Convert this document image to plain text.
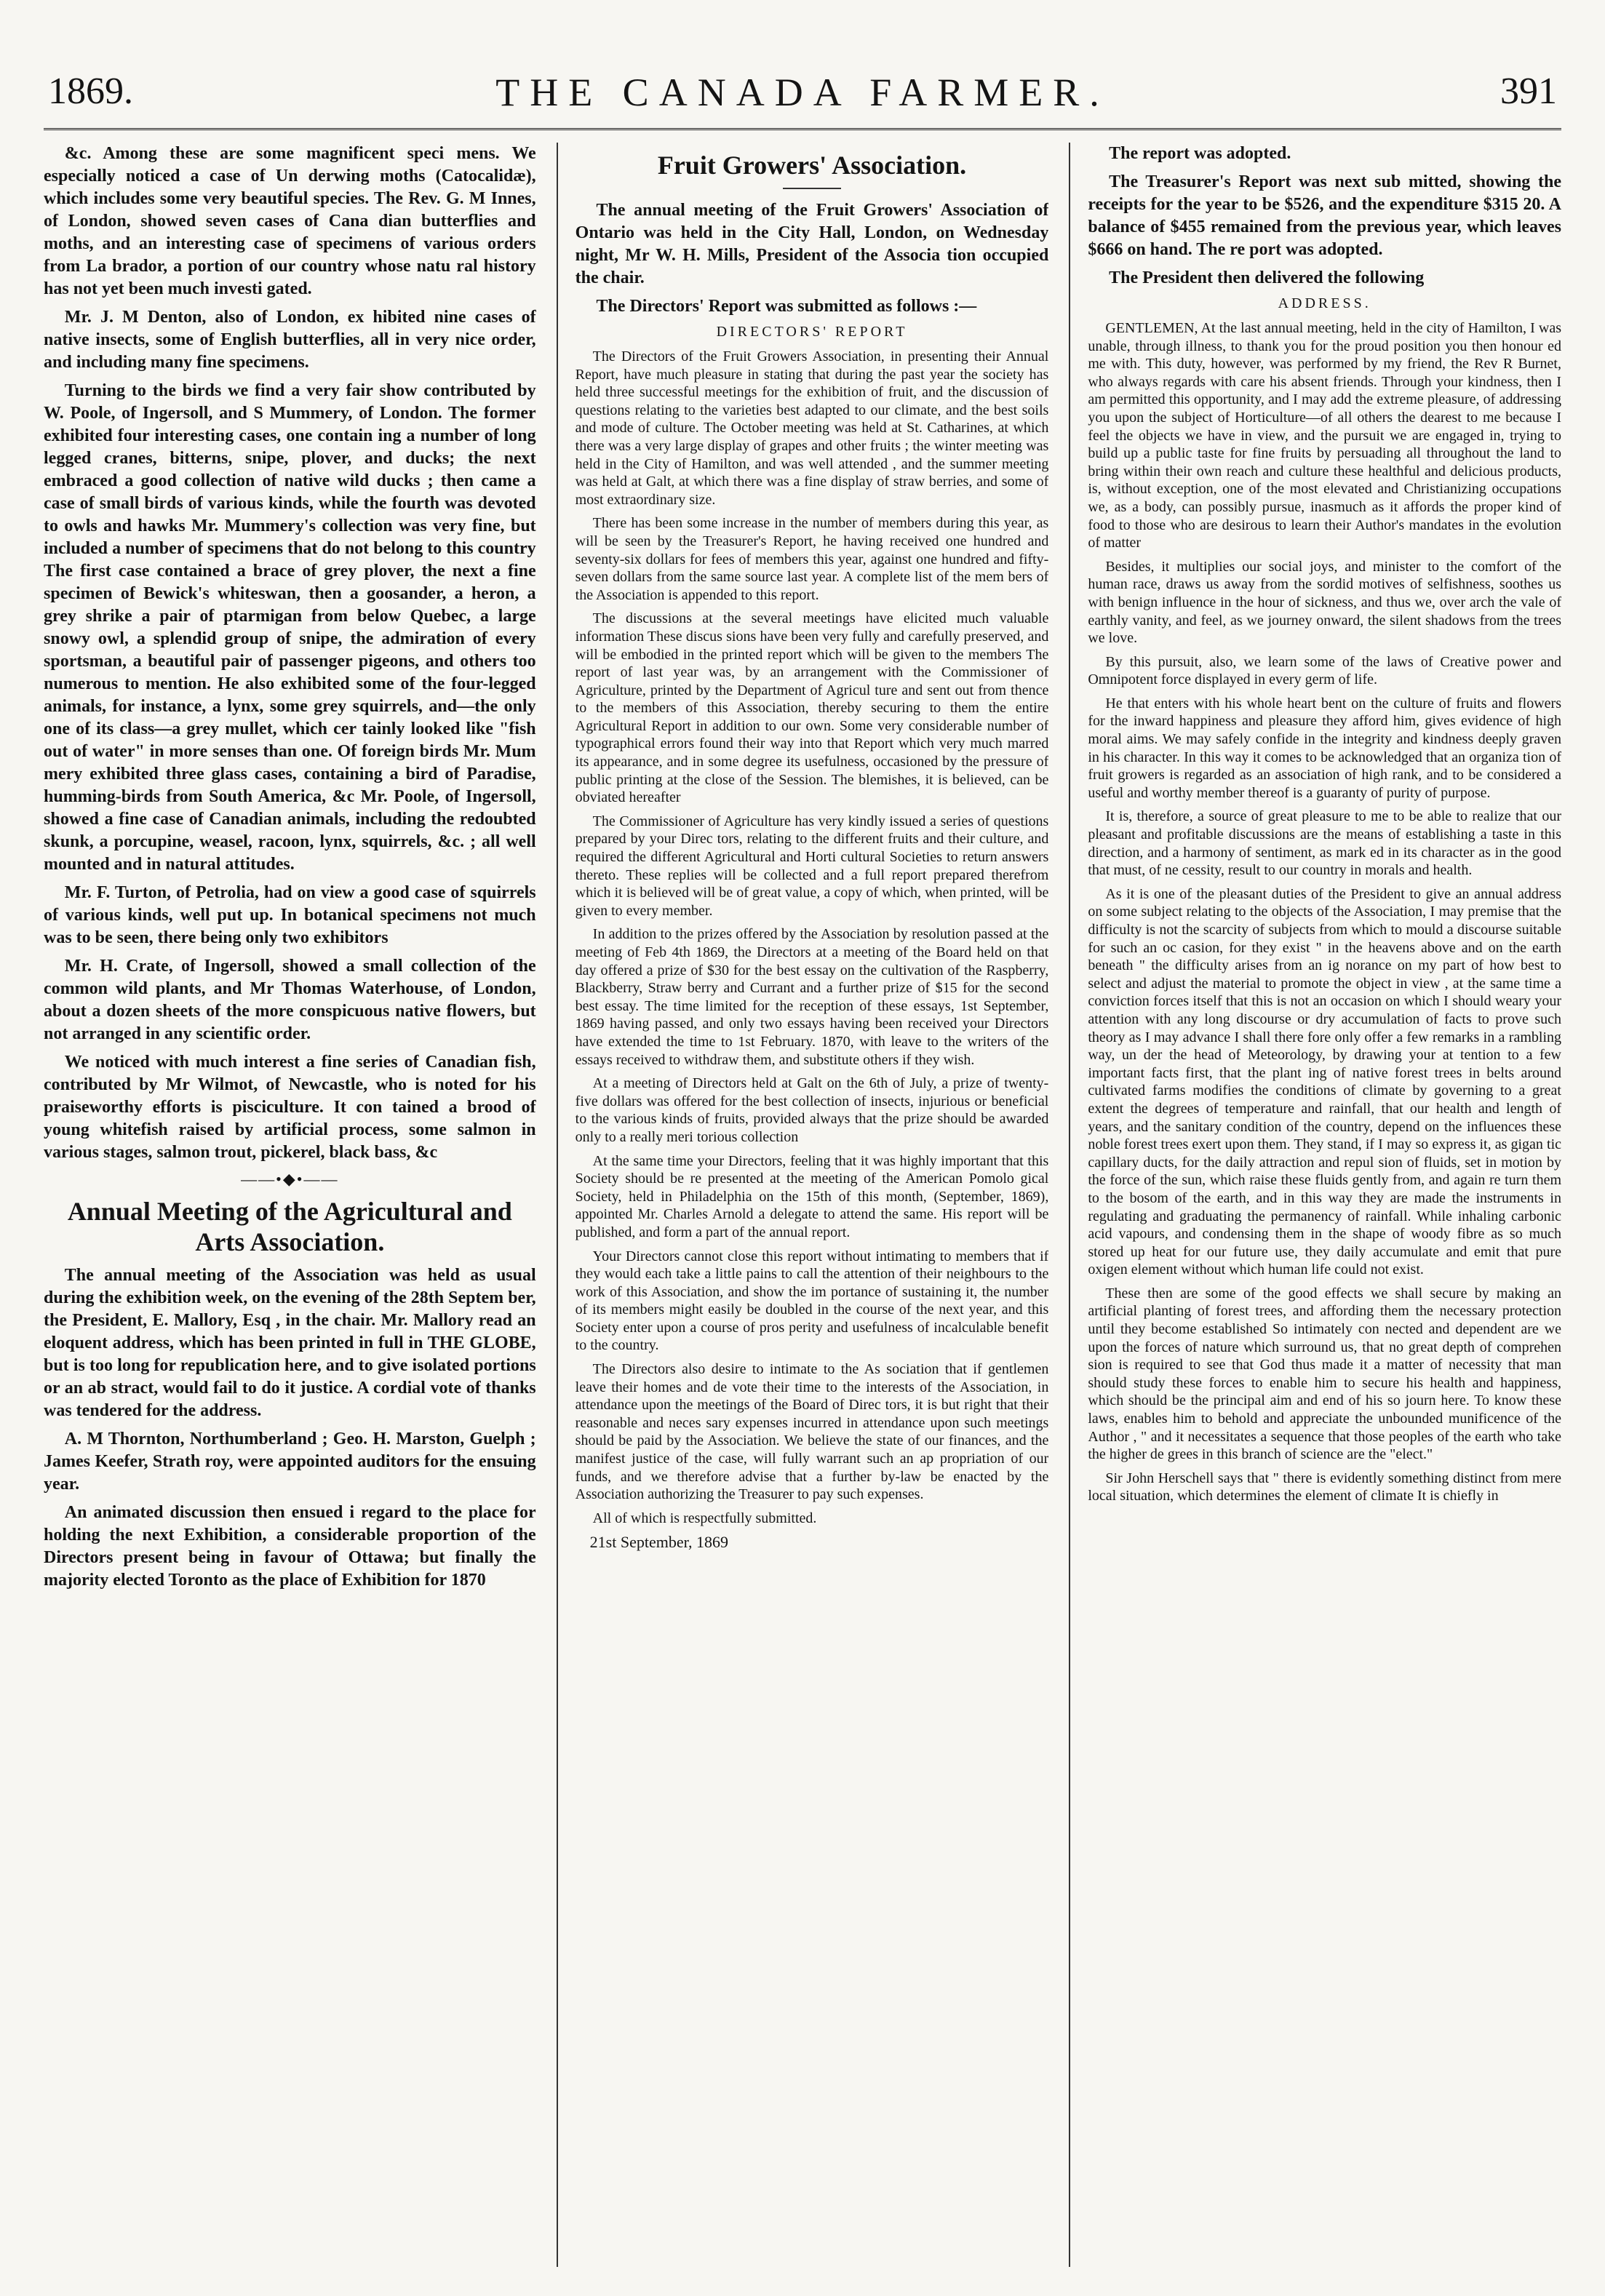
1869.	THE CANADA FARMER.	391

&c. Among these are some magnificent speci mens. We especially noticed a case of Un derwing moths (Catocalidæ), which includes some very beautiful species. The Rev. G. M Innes, of London, showed seven cases of Cana dian butterflies and moths, and an interesting case of specimens of various orders from La brador, a portion of our country whose natu ral history has not yet been much investi gated.

Mr. J. M Denton, also of London, ex hibited nine cases of native insects, some of English butterflies, all in very nice order, and including many fine specimens.

Turning to the birds we find a very fair show contributed by W. Poole, of Ingersoll, and S Mummery, of London. The former exhibited four interesting cases, one contain ing a number of long legged cranes, bitterns, snipe, plover, and ducks; the next embraced a good collection of native wild ducks ; then came a case of small birds of various kinds, while the fourth was devoted to owls and hawks Mr. Mummery's collection was very fine, but included a number of specimens that do not belong to this country The first case contained a brace of grey plover, the next a fine specimen of Bewick's whiteswan, then a goosander, a heron, a grey shrike a pair of ptarmigan from below Quebec, a large snowy owl, a splendid group of snipe, the admiration of every sportsman, a beautiful pair of passenger pigeons, and others too numerous to mention. He also exhibited some of the four-legged animals, for instance, a lynx, some grey squirrels, and—the only one of its class—a grey mullet, which cer tainly looked like "fish out of water" in more senses than one. Of foreign birds Mr. Mum mery exhibited three glass cases, containing a bird of Paradise, humming-birds from South America, &c Mr. Poole, of Ingersoll, showed a fine case of Canadian animals, including the redoubted skunk, a porcupine, weasel, racoon, lynx, squirrels, &c. ; all well mounted and in natural attitudes.

Mr. F. Turton, of Petrolia, had on view a good case of squirrels of various kinds, well put up. In botanical specimens not much was to be seen, there being only two exhibitors

Mr. H. Crate, of Ingersoll, showed a small collection of the common wild plants, and Mr Thomas Waterhouse, of London, about a dozen sheets of the more conspicuous native flowers, but not arranged in any scientific order.

We noticed with much interest a fine series of Canadian fish, contributed by Mr Wilmot, of Newcastle, who is noted for his praiseworthy efforts is pisciculture. It con tained a brood of young whitefish raised by artificial process, some salmon in various stages, salmon trout, pickerel, black bass, &c

——•◆•——
Annual Meeting of the Agricultural and Arts Association.

The annual meeting of the Association was held as usual during the exhibition week, on the evening of the 28th Septem ber, the President, E. Mallory, Esq , in the chair. Mr. Mallory read an eloquent address, which has been printed in full in THE GLOBE, but is too long for republication here, and to give isolated portions or an ab stract, would fail to do it justice. A cordial vote of thanks was tendered for the address.

A. M Thornton, Northumberland ; Geo. H. Marston, Guelph ; James Keefer, Strath roy, were appointed auditors for the ensuing year.

An animated discussion then ensued i regard to the place for holding the next Exhibition, a considerable proportion of the Directors present being in favour of Ottawa; but finally the majority elected Toronto as the place of Exhibition for 1870

Fruit Growers' Association.

The annual meeting of the Fruit Growers' Association of Ontario was held in the City Hall, London, on Wednesday night, Mr W. H. Mills, President of the Associa tion occupied the chair.

The Directors' Report was submitted as follows :—

DIRECTORS' REPORT

The Directors of the Fruit Growers Association, in presenting their Annual Report, have much pleasure in stating that during the past year the society has held three successful meetings for the exhibition of fruit, and the discussion of questions relating to the varieties best adapted to our climate, and the best soils and mode of culture. The October meeting was held at St. Catharines, at which there was a very large display of grapes and other fruits ; the winter meeting was held in the City of Hamilton, and was well attended , and the summer meeting was held at Galt, at which there was a fine display of straw berries, and some of most extraordinary size.

There has been some increase in the number of members during this year, as will be seen by the Treasurer's Report, he having received one hundred and seventy-six dollars for fees of members this year, against one hundred and fifty-seven dollars from the same source last year. A complete list of the mem bers of the Association is appended to this report.

The discussions at the several meetings have elicited much valuable information These discus sions have been very fully and carefully preserved, and will be embodied in the printed report which will be given to the members The report of last year was, by an arrangement with the Commissioner of Agriculture, printed by the Department of Agricul ture and sent out from thence to the members of this Association, thereby securing to them the entire Agricultural Report in addition to our own. Some very considerable number of typographical errors found their way into that Report which very much marred its appearance, and in some degree its usefulness, occasioned by the pressure of public printing at the close of the Session. The blemishes, it is believed, can be obviated hereafter

The Commissioner of Agriculture has very kindly issued a series of questions prepared by your Direc tors, relating to the different fruits and their culture, and required the different Agricultural and Horti cultural Societies to return answers thereto. These replies will be collected and a full report prepared therefrom which it is believed will be of great value, a copy of which, when printed, will be given to every member.

In addition to the prizes offered by the Association by resolution passed at the meeting of Feb 4th 1869, the Directors at a meeting of the Board held on that day offered a prize of $30 for the best essay on the cultivation of the Raspberry, Blackberry, Straw berry and Currant and a further prize of $15 for the second best essay. The time limited for the reception of these essays, 1st September, 1869 having passed, and only two essays having been received your Directors have extended the time to 1st February. 1870, with leave to the writers of the essays received to withdraw them, and substitute others if they wish.

At a meeting of Directors held at Galt on the 6th of July, a prize of twenty-five dollars was offered for the best collection of insects, injurious or beneficial to the various kinds of fruits, provided always that the prize should be awarded only to a really meri torious collection

At the same time your Directors, feeling that it was highly important that this Society should be re presented at the meeting of the American Pomolo gical Society, held in Philadelphia on the 15th of this month, (September, 1869), appointed Mr. Charles Arnold a delegate to attend the same. His report will be published, and form a part of the annual report.

Your Directors cannot close this report without intimating to members that if they would each take a little pains to call the attention of their neighbours to the work of this Association, and show the im portance of sustaining it, the number of its members might easily be doubled in the course of the next year, and this Society enter upon a course of pros perity and usefulness of incalculable benefit to the country.

The Directors also desire to intimate to the As sociation that if gentlemen leave their homes and de vote their time to the interests of the Association, in attendance upon the meetings of the Board of Direc tors, it is but right that their reasonable and neces sary expenses incurred in attendance upon such meetings should be paid by the Association. We believe the state of our finances, and the manifest justice of the case, will fully warrant such an ap propriation of our funds, and we therefore advise that a further by-law be enacted by the Association authorizing the Treasurer to pay such expenses.

All of which is respectfully submitted.

21st September, 1869

The report was adopted.

The Treasurer's Report was next sub mitted, showing the receipts for the year to be $526, and the expenditure $315 20. A balance of $455 remained from the previous year, which leaves $666 on hand. The re port was adopted.

The President then delivered the following

ADDRESS.

GENTLEMEN, At the last annual meeting, held in the city of Hamilton, I was unable, through illness, to thank you for the proud position you then honour ed me with. This duty, however, was performed by my friend, the Rev R Burnet, who always regards with care his absent friends. Through your kindness, then I am permitted this opportunity, and I may add the extreme pleasure, of addressing you upon the subject of Horticulture—of all others the dearest to me because I feel the objects we have in view, and the pursuit we are engaged in, trying to build up a public taste for fine fruits by persuading all throughout the land to bring within their own reach and culture these healthful and delicious products, is, without exception, one of the most elevated and Christianizing occupations we, as a body, can possibly pursue, inasmuch as it affords the proper kind of food to those who are desirous to learn their Author's mandates in the evolution of matter

Besides, it multiplies our social joys, and minister to the comfort of the human race, draws us away from the sordid motives of selfishness, soothes us with benign influence in the hour of sickness, and thus we, over arch the vale of earthly vanity, and feel, as we journey onward, the silent shadows from the trees we love.

By this pursuit, also, we learn some of the laws of Creative power and Omnipotent force displayed in every germ of life.

He that enters with his whole heart bent on the culture of fruits and flowers for the inward happiness and pleasure they afford him, gives evidence of high moral aims. We may safely confide in the integrity and kindness deeply graven in his character. In this way it comes to be acknowledged that an organiza tion of fruit growers is regarded as an association of high rank, and to be considered a useful and worthy member thereof is a guaranty of purity of purpose.

It is, therefore, a source of great pleasure to me to be able to realize that our pleasant and profitable discussions are the means of establishing a taste in this direction, and a harmony of sentiment, as mark ed in its character as in the good that must, of ne cessity, result to our country in morals and health.

As it is one of the pleasant duties of the President to give an annual address on some subject relating to the objects of the Association, I may premise that the difficulty is not the scarcity of subjects from which to mould a discourse suitable for such an oc casion, for they exist " in the heavens above and on the earth beneath " the difficulty arises from an ig norance on my part of how best to select and adjust the material to promote the object in view , at the same time a conviction forces itself that this is not an occasion on which I should weary your attention with any long discourse or dry accumulation of facts to prove such theory as I may advance I shall there fore only offer a few remarks in a rambling way, un der the head of Meteorology, by drawing your at tention to a few important facts first, that the plant ing of native forest trees in belts around cultivated farms modifies the conditions of climate by governing to a great extent the degrees of temperature and rainfall, that our health and length of years, and the sanitary condition of the country, depend on the influences these noble forest trees exert upon them. They stand, if I may so express it, as gigan tic capillary ducts, for the daily attraction and repul sion of fluids, set in motion by the force of the sun, which raise these fluids gently from, and again re turn them to the bosom of the earth, and in this way they are made the instruments in regulating and graduating the permanency of rainfall. While inhaling carbonic acid vapours, and condensing them in the shape of woody fibre as so much stored up heat for our future use, they daily accumulate and emit that pure oxigen element without which human life could not exist.

These then are some of the good effects we shall secure by making an artificial planting of forest trees, and affording them the necessary protection until they become established So intimately con nected and dependent are we upon the forces of nature which surround us, that no great depth of comprehen sion is required to see that God thus made it a matter of necessity that man should study these forces to enable him to secure his health and happiness, which should be the principal aim and end of his so journ here. To know these laws, enables him to behold and appreciate the unbounded munificence of the Author , " and it necessitates a sequence that those peoples of the earth who take the higher de grees in this branch of science are the "elect."

Sir John Herschell says that " there is evidently something distinct from mere local situation, which determines the element of climate It is chiefly in
